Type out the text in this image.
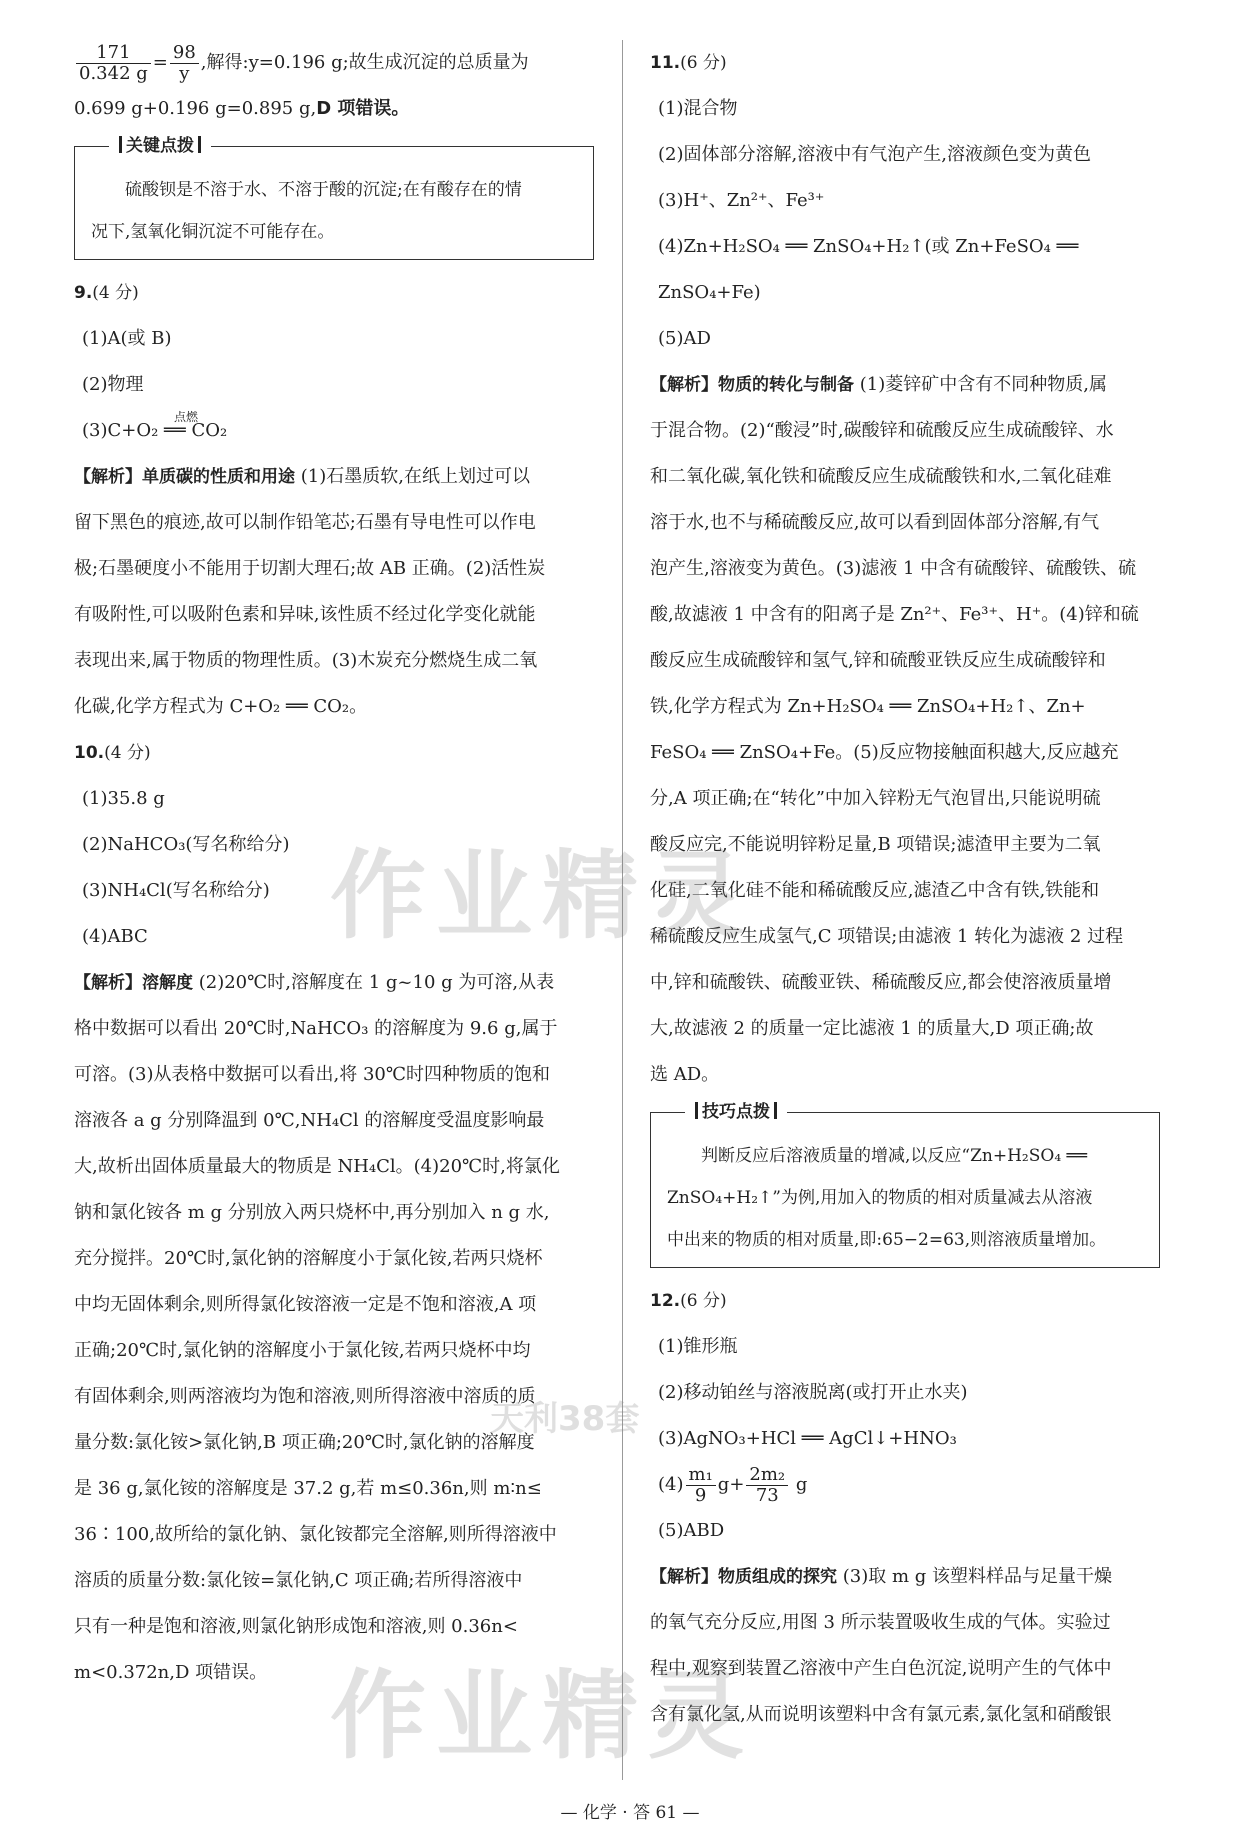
$\frac{171}{0.342 g} = \frac{98}{y}$ ,解得:y=0.196 g;故生成沉淀的总质量为
0.699 g+0.196 g=0.895 g,D 项错误。
关键点拨
硫酸钡是不溶于水、不溶于酸的沉淀;在有酸存在的情
况下,氢氧化铜沉淀不可能存在。
9.(4 分)
(1)A(或 B)
(2)物理
(3)C+O₂ ══ CO₂
点燃
【解析】单质碳的性质和用途 (1)石墨质软,在纸上划过可以
留下黑色的痕迹,故可以制作铅笔芯;石墨有导电性可以作电
极;石墨硬度小不能用于切割大理石;故 AB 正确。(2)活性炭
有吸附性,可以吸附色素和异味,该性质不经过化学变化就能
表现出来,属于物质的物理性质。(3)木炭充分燃烧生成二氧
化碳,化学方程式为 C+O₂ ══ CO₂。
10.(4 分)
(1)35.8 g
(2)NaHCO₃(写名称给分)
(3)NH₄Cl(写名称给分)
(4)ABC
【解析】溶解度 (2)20℃时,溶解度在 1 g~10 g 为可溶,从表
格中数据可以看出 20℃时,NaHCO₃ 的溶解度为 9.6 g,属于
可溶。(3)从表格中数据可以看出,将 30℃时四种物质的饱和
溶液各 a g 分别降温到 0℃,NH₄Cl 的溶解度受温度影响最
大,故析出固体质量最大的物质是 NH₄Cl。(4)20℃时,将氯化
钠和氯化铵各 m g 分别放入两只烧杯中,再分别加入 n g 水,
充分搅拌。20℃时,氯化钠的溶解度小于氯化铵,若两只烧杯
中均无固体剩余,则所得氯化铵溶液一定是不饱和溶液,A 项
正确;20℃时,氯化钠的溶解度小于氯化铵,若两只烧杯中均
有固体剩余,则两溶液均为饱和溶液,则所得溶液中溶质的质
量分数:氯化铵>氯化钠,B 项正确;20℃时,氯化钠的溶解度
是 36 g,氯化铵的溶解度是 37.2 g,若 m≤0.36n,则 m∶n≤
36∶100,故所给的氯化钠、氯化铵都完全溶解,则所得溶液中
溶质的质量分数:氯化铵=氯化钠,C 项正确;若所得溶液中
只有一种是饱和溶液,则氯化钠形成饱和溶液,则 0.36n<
m<0.372n,D 项错误。
11.(6 分)
(1)混合物
(2)固体部分溶解,溶液中有气泡产生,溶液颜色变为黄色
(3)H⁺、Zn²⁺、Fe³⁺
(4)Zn+H₂SO₄ ══ ZnSO₄+H₂↑(或 Zn+FeSO₄ ══
ZnSO₄+Fe)
(5)AD
【解析】物质的转化与制备 (1)菱锌矿中含有不同种物质,属
于混合物。(2)“酸浸”时,碳酸锌和硫酸反应生成硫酸锌、水
和二氧化碳,氧化铁和硫酸反应生成硫酸铁和水,二氧化硅难
溶于水,也不与稀硫酸反应,故可以看到固体部分溶解,有气
泡产生,溶液变为黄色。(3)滤液 1 中含有硫酸锌、硫酸铁、硫
酸,故滤液 1 中含有的阳离子是 Zn²⁺、Fe³⁺、H⁺。(4)锌和硫
酸反应生成硫酸锌和氢气,锌和硫酸亚铁反应生成硫酸锌和
铁,化学方程式为 Zn+H₂SO₄ ══ ZnSO₄+H₂↑、Zn+
FeSO₄ ══ ZnSO₄+Fe。(5)反应物接触面积越大,反应越充
分,A 项正确;在“转化”中加入锌粉无气泡冒出,只能说明硫
酸反应完,不能说明锌粉足量,B 项错误;滤渣甲主要为二氧
化硅,二氧化硅不能和稀硫酸反应,滤渣乙中含有铁,铁能和
稀硫酸反应生成氢气,C 项错误;由滤液 1 转化为滤液 2 过程
中,锌和硫酸铁、硫酸亚铁、稀硫酸反应,都会使溶液质量增
大,故滤液 2 的质量一定比滤液 1 的质量大,D 项正确;故
选 AD。
技巧点拨
判断反应后溶液质量的增减,以反应“Zn+H₂SO₄ ══
ZnSO₄+H₂↑”为例,用加入的物质的相对质量减去从溶液
中出来的物质的相对质量,即:65−2=63,则溶液质量增加。
12.(6 分)
(1)锥形瓶
(2)移动铂丝与溶液脱离(或打开止水夹)
(3)AgNO₃+HCl ══ AgCl↓+HNO₃
$(4) \frac{\text{m₁}}{9} g+ \frac{\text{2m₂}}{73}$ g
(5)ABD
【解析】物质组成的探究 (3)取 m g 该塑料样品与足量干燥
的氧气充分反应,用图 3 所示装置吸收生成的气体。实验过
程中,观察到装置乙溶液中产生白色沉淀,说明产生的气体中
含有氯化氢,从而说明该塑料中含有氯元素,氯化氢和硝酸银
作业精灵
作业精灵
天利38套
— 化学 · 答 61 —
